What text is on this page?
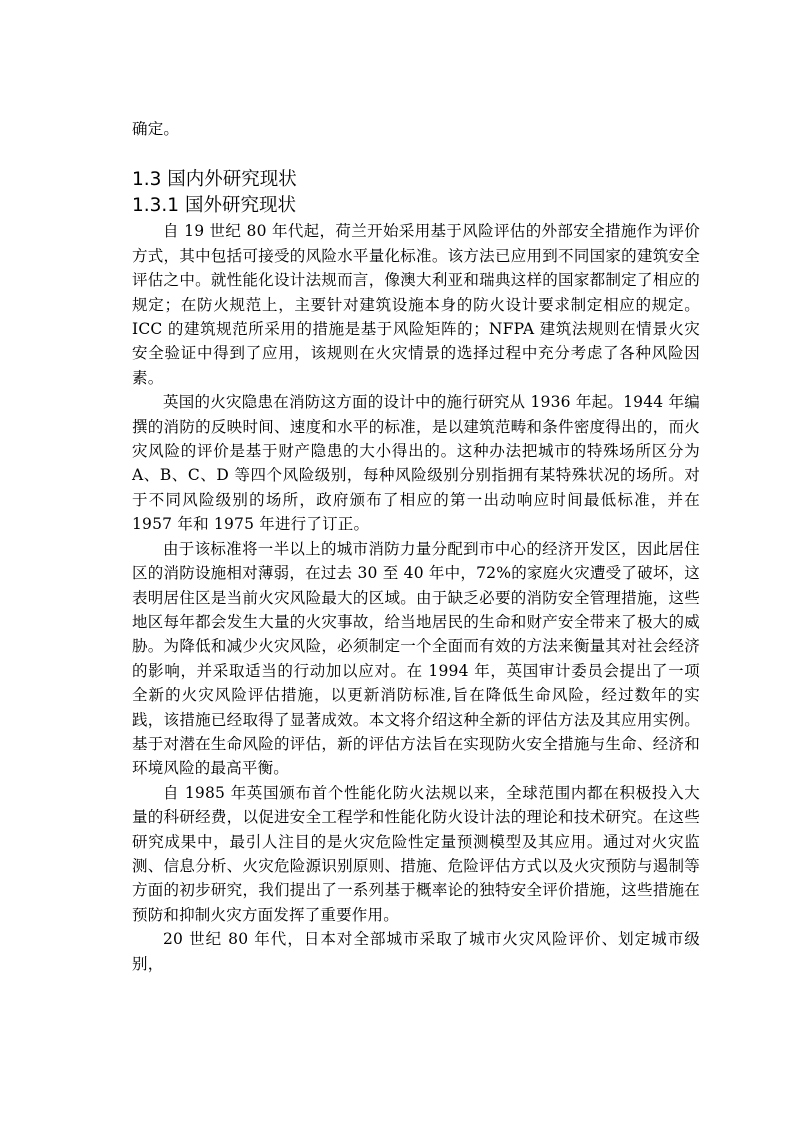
确定。

1.3 国内外研究现状
1.3.1 国外研究现状

自 19 世纪 80 年代起，荷兰开始采用基于风险评估的外部安全措施作为评价方式，其中包括可接受的风险水平量化标准。该方法已应用到不同国家的建筑安全评估之中。就性能化设计法规而言，像澳大利亚和瑞典这样的国家都制定了相应的规定；在防火规范上，主要针对建筑设施本身的防火设计要求制定相应的规定。ICC 的建筑规范所采用的措施是基于风险矩阵的；NFPA 建筑法规则在情景火灾安全验证中得到了应用，该规则在火灾情景的选择过程中充分考虑了各种风险因素。

英国的火灾隐患在消防这方面的设计中的施行研究从 1936 年起。1944 年编撰的消防的反映时间、速度和水平的标准，是以建筑范畴和条件密度得出的，而火灾风险的评价是基于财产隐患的大小得出的。这种办法把城市的特殊场所区分为 A、B、C、D 等四个风险级别，每种风险级别分别指拥有某特殊状况的场所。对于不同风险级别的场所，政府颁布了相应的第一出动响应时间最低标准，并在 1957 年和 1975 年进行了订正。

由于该标准将一半以上的城市消防力量分配到市中心的经济开发区，因此居住区的消防设施相对薄弱，在过去 30 至 40 年中，72%的家庭火灾遭受了破坏，这表明居住区是当前火灾风险最大的区域。由于缺乏必要的消防安全管理措施，这些地区每年都会发生大量的火灾事故，给当地居民的生命和财产安全带来了极大的威胁。为降低和减少火灾风险，必须制定一个全面而有效的方法来衡量其对社会经济的影响，并采取适当的行动加以应对。在 1994 年，英国审计委员会提出了一项全新的火灾风险评估措施，以更新消防标准,旨在降低生命风险，经过数年的实践，该措施已经取得了显著成效。本文将介绍这种全新的评估方法及其应用实例。基于对潜在生命风险的评估，新的评估方法旨在实现防火安全措施与生命、经济和环境风险的最高平衡。

自 1985 年英国颁布首个性能化防火法规以来，全球范围内都在积极投入大量的科研经费，以促进安全工程学和性能化防火设计法的理论和技术研究。在这些研究成果中，最引人注目的是火灾危险性定量预测模型及其应用。通过对火灾监测、信息分析、火灾危险源识别原则、措施、危险评估方式以及火灾预防与遏制等方面的初步研究，我们提出了一系列基于概率论的独特安全评价措施，这些措施在预防和抑制火灾方面发挥了重要作用。

20 世纪 80 年代，日本对全部城市采取了城市火灾风险评价、划定城市级别，
